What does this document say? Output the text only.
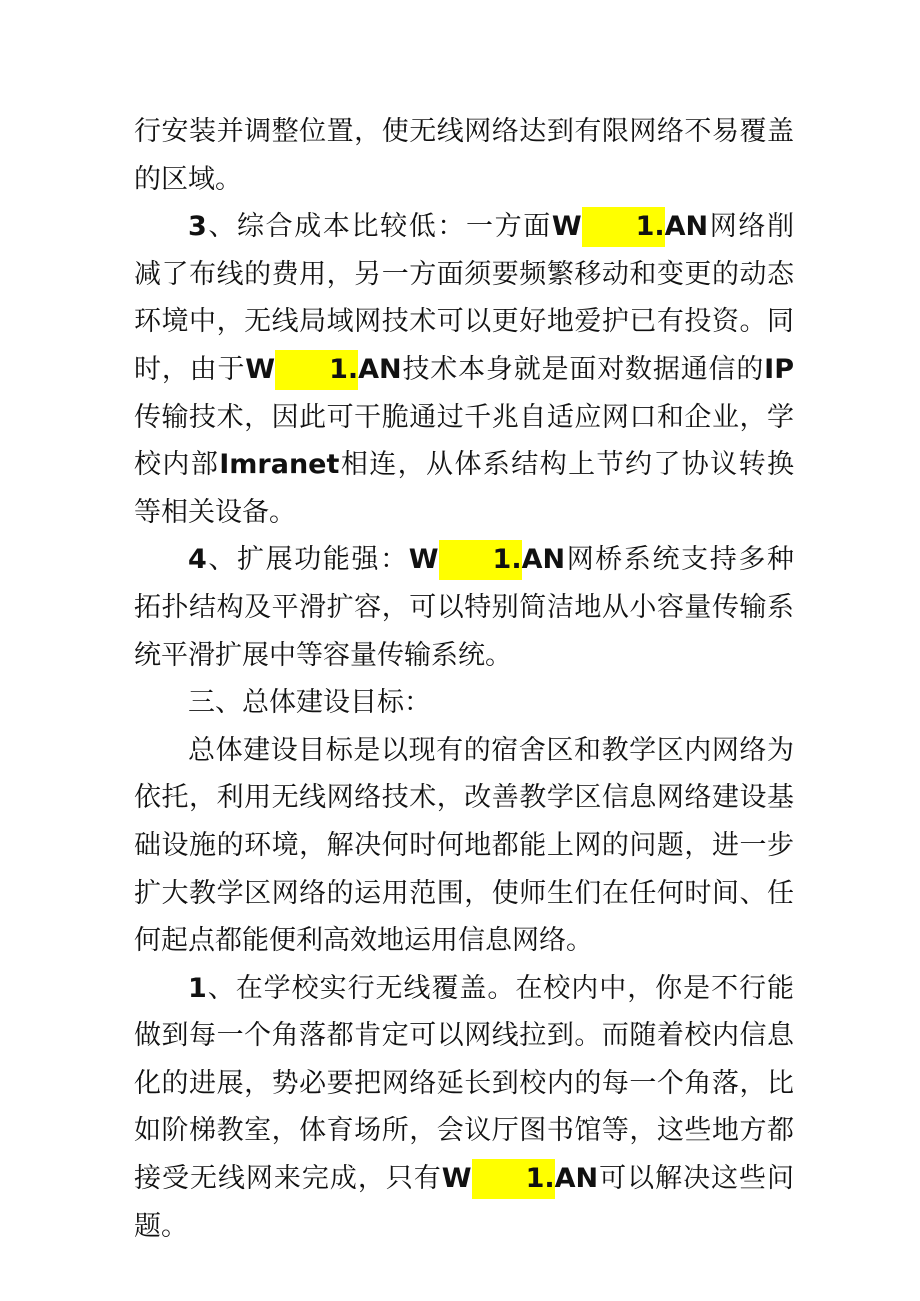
行安装并调整位置，使无线网络达到有限网络不易覆盖的区域。

3、综合成本比较低：一方面W 1.AN网络削减了布线的费用，另一方面须要频繁移动和变更的动态环境中，无线局域网技术可以更好地爱护已有投资。同时，由于W 1.AN技术本身就是面对数据通信的IP传输技术，因此可干脆通过千兆自适应网口和企业，学校内部Imranet相连，从体系结构上节约了协议转换等相关设备。

4、扩展功能强：W 1.AN网桥系统支持多种拓扑结构及平滑扩容，可以特别简洁地从小容量传输系统平滑扩展中等容量传输系统。

三、总体建设目标：

总体建设目标是以现有的宿舍区和教学区内网络为依托，利用无线网络技术，改善教学区信息网络建设基础设施的环境，解决何时何地都能上网的问题，进一步扩大教学区网络的运用范围，使师生们在任何时间、任何起点都能便利高效地运用信息网络。

1、在学校实行无线覆盖。在校内中，你是不行能做到每一个角落都肯定可以网线拉到。而随着校内信息化的进展，势必要把网络延长到校内的每一个角落，比如阶梯教室，体育场所，会议厅图书馆等，这些地方都接受无线网来完成，只有W 1.AN可以解决这些问题。
